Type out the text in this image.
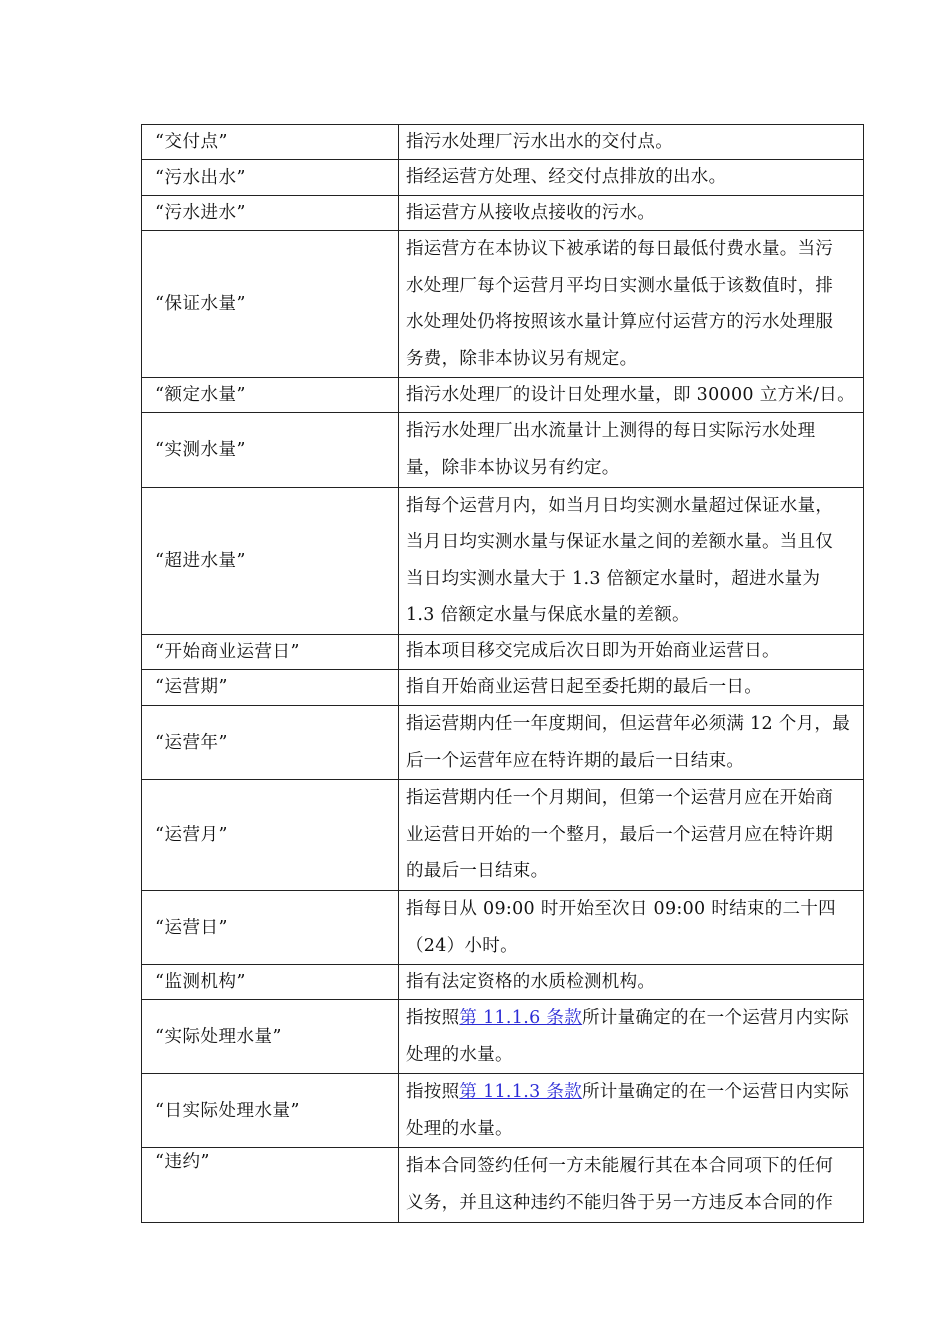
“交付点”	指污水处理厂污水出水的交付点。

“污水出水”	指经运营方处理、经交付点排放的出水。

“污水进水”	指运营方从接收点接收的污水。

“保证水量”	指运营方在本协议下被承诺的每日最低付费水量。当污
水处理厂每个运营月平均日实测水量低于该数值时，排
水处理处仍将按照该水量计算应付运营方的污水处理服
务费，除非本协议另有规定。

“额定水量”	指污水处理厂的设计日处理水量，即 30000 立方米/日。

“实测水量”	指污水处理厂出水流量计上测得的每日实际污水处理
量，除非本协议另有约定。

“超进水量”	指每个运营月内，如当月日均实测水量超过保证水量，
当月日均实测水量与保证水量之间的差额水量。当且仅
当日均实测水量大于 1.3 倍额定水量时，超进水量为
1.3 倍额定水量与保底水量的差额。

“开始商业运营日”	指本项目移交完成后次日即为开始商业运营日。

“运营期”	指自开始商业运营日起至委托期的最后一日。

“运营年”	指运营期内任一年度期间，但运营年必须满 12 个月，最
后一个运营年应在特许期的最后一日结束。

“运营月”	指运营期内任一个月期间，但第一个运营月应在开始商
业运营日开始的一个整月，最后一个运营月应在特许期
的最后一日结束。

“运营日”	指每日从 09:00 时开始至次日 09:00 时结束的二十四
（24）小时。

“监测机构”	指有法定资格的水质检测机构。

“实际处理水量”	指按照第 11.1.6 条款所计量确定的在一个运营月内实际
处理的水量。

“日实际处理水量”	指按照第 11.1.3 条款所计量确定的在一个运营日内实际
处理的水量。

“违约”	指本合同签约任何一方未能履行其在本合同项下的任何
义务，并且这种违约不能归咎于另一方违反本合同的作
